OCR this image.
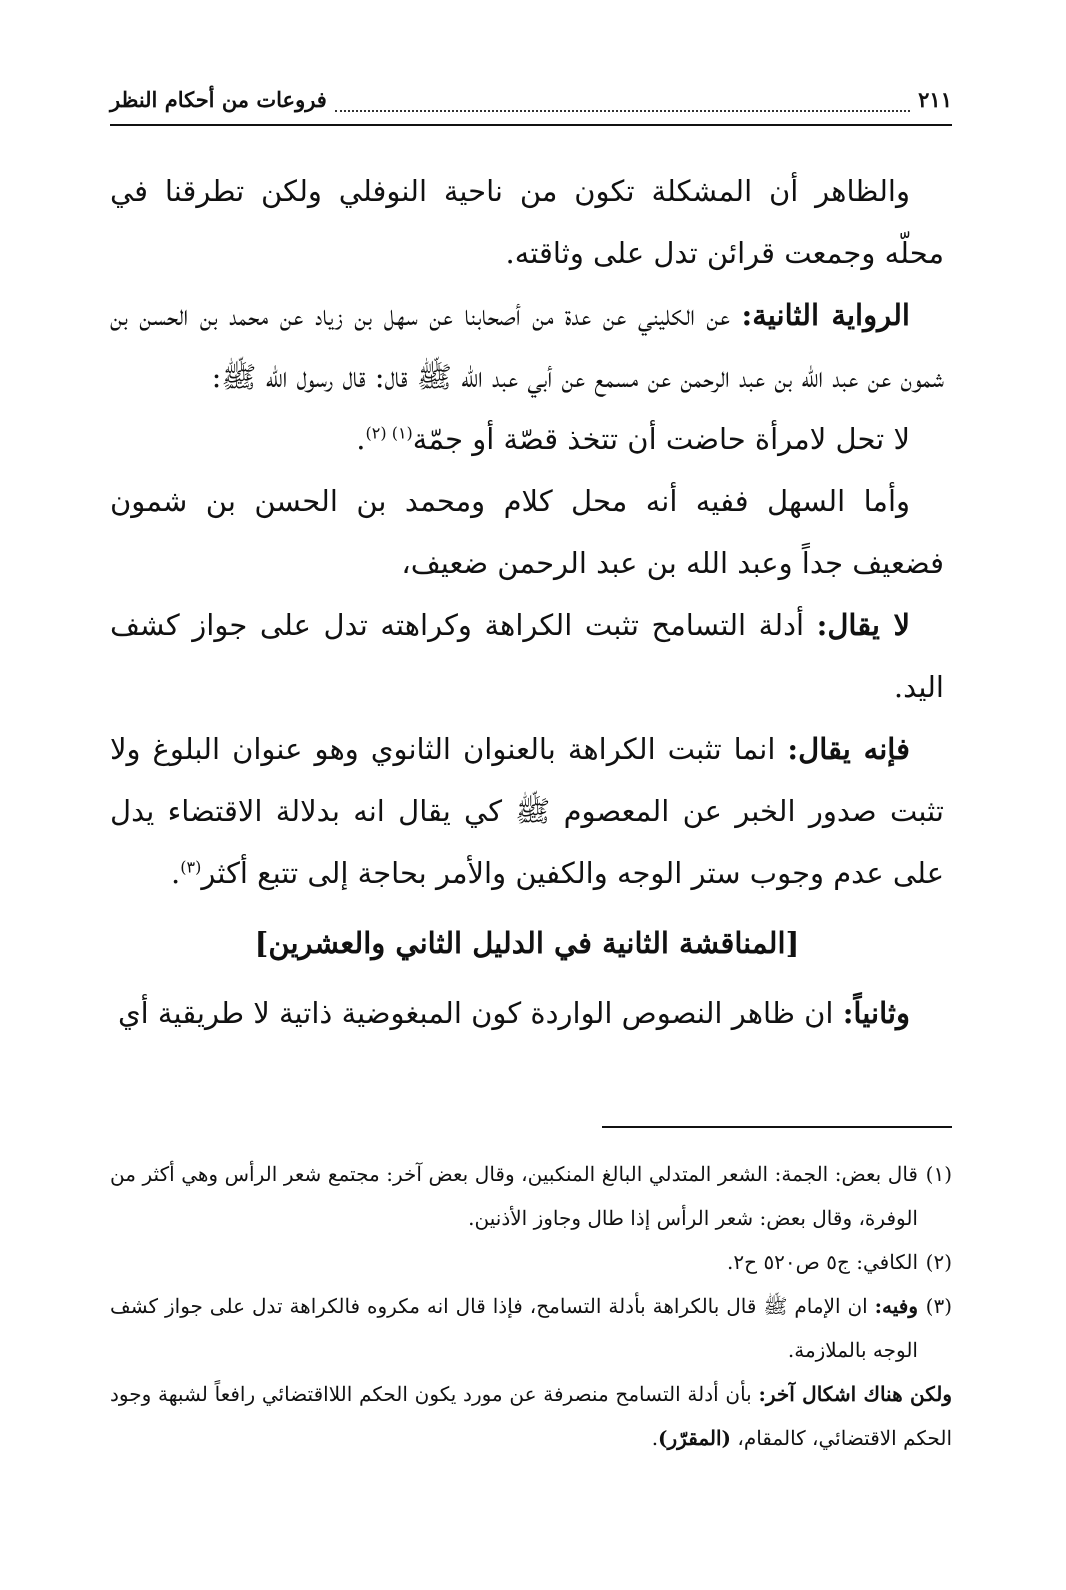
٢١١
فروعات من أحكام النظر

والظاهر أن المشكلة تكون من ناحية النوفلي ولكن تطرقنا في محلّه وجمعت قرائن تدل على وثاقته.

الرواية الثانية: عن الكليني عن عدة من أصحابنا عن سهل بن زياد عن محمد بن الحسن بن شمون عن عبد الله بن عبد الرحمن عن مسمع عن أبي عبد الله ﷺ قال: قال رسول الله ﷺ:

لا تحل لامرأة حاضت أن تتخذ قصّة أو جمّة$^{(١) (٢)}$.

وأما السهل ففيه أنه محل كلام ومحمد بن الحسن بن شمون فضعيف جداً وعبد الله بن عبد الرحمن ضعيف،

لا يقال: أدلة التسامح تثبت الكراهة وكراهته تدل على جواز كشف اليد.

فإنه يقال: انما تثبت الكراهة بالعنوان الثانوي وهو عنوان البلوغ ولا تثبت صدور الخبر عن المعصوم ﷺ كي يقال انه بدلالة الاقتضاء يدل على عدم وجوب ستر الوجه والكفين والأمر بحاجة إلى تتبع أكثر$^{(٣)}$.

[المناقشة الثانية في الدليل الثاني والعشرين]

وثانياً: ان ظاهر النصوص الواردة كون المبغوضية ذاتية لا طريقية أي

(١)قال بعض: الجمة: الشعر المتدلي البالغ المنكبين، وقال بعض آخر: مجتمع شعر الرأس وهي أكثر من الوفرة، وقال بعض: شعر الرأس إذا طال وجاوز الأذنين.

(٢)الكافي: ج٥ ص٥٢٠ ح٢.

(٣)وفيه: ان الإمام ﷺ قال بالكراهة بأدلة التسامح، فإذا قال انه مكروه فالكراهة تدل على جواز كشف الوجه بالملازمة.

ولكن هناك اشكال آخر: بأن أدلة التسامح منصرفة عن مورد يكون الحكم اللااقتضائي رافعاً لشبهة وجود الحكم الاقتضائي، كالمقام، (المقرّر).
